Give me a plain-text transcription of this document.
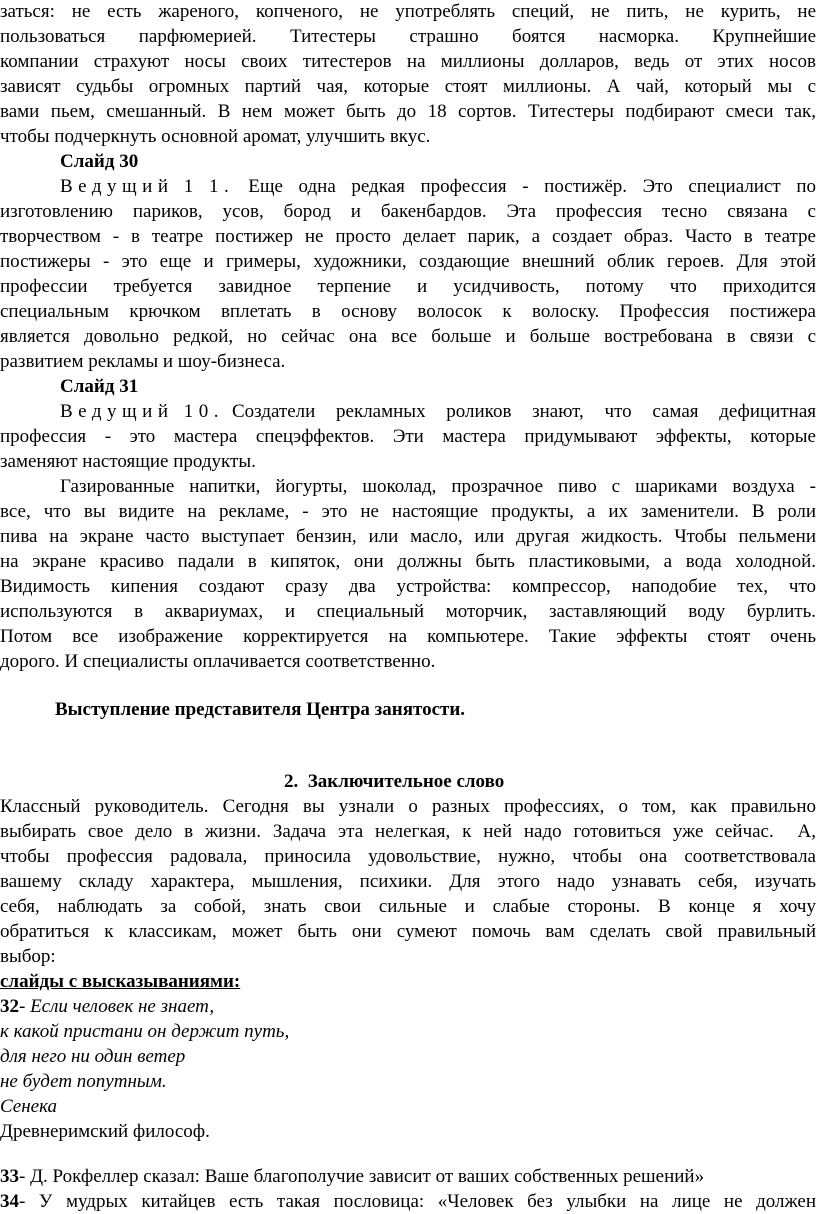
заться: не есть жареного, копченого, не употреблять специй, не пить, не курить, не
пользоваться парфюмерией. Титестеры страшно боятся насморка. Крупнейшие
компании страхуют носы своих титестеров на миллионы долларов, ведь от этих носов
зависят судьбы огромных партий чая, которые стоят миллионы. А чай, который мы с
вами пьем, смешанный. В нем может быть до 18 сортов. Титестеры подбирают смеси так,
чтобы подчеркнуть основной аромат, улучшить вкус.
Слайд 30
Ведущий 1 1. Еще одна редкая профессия - постижёр. Это специалист по
изготовлению париков, усов, бород и бакенбардов. Эта профессия тесно связана с
творчеством - в театре постижер не просто делает парик, а создает образ. Часто в театре
постижеры - это еще и гримеры, художники, создающие внешний облик героев. Для этой
профессии требуется завидное терпение и усидчивость, потому что приходится
специальным крючком вплетать в основу волосок к волоску. Профессия постижера
является довольно редкой, но сейчас она все больше и больше востребована в связи с
развитием рекламы и шоу-бизнеса.
Слайд 31
Ведущий 10. Создатели рекламных роликов знают, что самая дефицитная
профессия - это мастера спецэффектов. Эти мастера придумывают эффекты, которые
заменяют настоящие продукты.
Газированные напитки, йогурты, шоколад, прозрачное пиво с шариками воздуха -
все, что вы видите на рекламе, - это не настоящие продукты, а их заменители. В роли
пива на экране часто выступает бензин, или масло, или другая жидкость. Чтобы пельмени
на экране красиво падали в кипяток, они должны быть пластиковыми, а вода холодной.
Видимость кипения создают сразу два устройства: компрессор, наподобие тех, что
используются в аквариумах, и специальный моторчик, заставляющий воду бурлить.
Потом все изображение корректируется на компьютере. Такие эффекты стоят очень
дорого. И специалисты оплачивается соответственно.
Выступление представителя Центра занятости.
2.  Заключительное слово
Классный руководитель. Сегодня вы узнали о разных профессиях, о том, как правильно
выбирать свое дело в жизни. Задача эта нелегкая, к ней надо готовиться уже сейчас.  А,
чтобы профессия радовала, приносила удовольствие, нужно, чтобы она соответствовала
вашему складу характера, мышления, психики. Для этого надо узнавать себя, изучать
себя, наблюдать за собой, знать свои сильные и слабые стороны. В конце я хочу
обратиться к классикам, может быть они сумеют помочь вам сделать свой правильный
выбор:
слайды с высказываниями:
32- Если человек не знает,
к какой пристани он держит путь,
для него ни один ветер
не будет попутным.
Сенека
Древнеримский философ.
33- Д. Рокфеллер сказал: Ваше благополучие зависит от ваших собственных решений»
34 - У мудрых китайцев есть такая пословица: «Человек без улыбки на лице не должен
